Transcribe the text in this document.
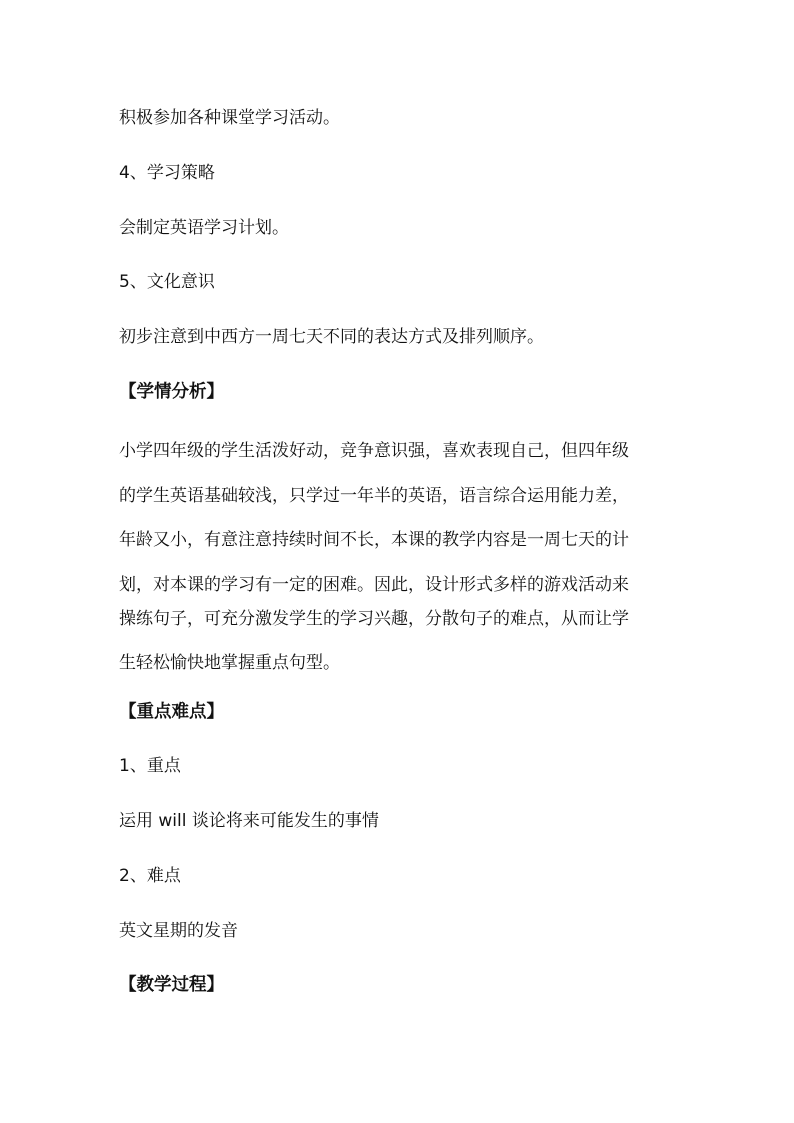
积极参加各种课堂学习活动。
4、学习策略
会制定英语学习计划。
5、文化意识
初步注意到中西方一周七天不同的表达方式及排列顺序。
【学情分析】
小学四年级的学生活泼好动，竞争意识强，喜欢表现自己，但四年级
的学生英语基础较浅，只学过一年半的英语，语言综合运用能力差，
年龄又小，有意注意持续时间不长，本课的教学内容是一周七天的计
划，对本课的学习有一定的困难。因此，设计形式多样的游戏活动来
操练句子，可充分激发学生的学习兴趣，分散句子的难点，从而让学
生轻松愉快地掌握重点句型。
【重点难点】
1、重点
运用 will 谈论将来可能发生的事情
2、难点
英文星期的发音
【教学过程】
